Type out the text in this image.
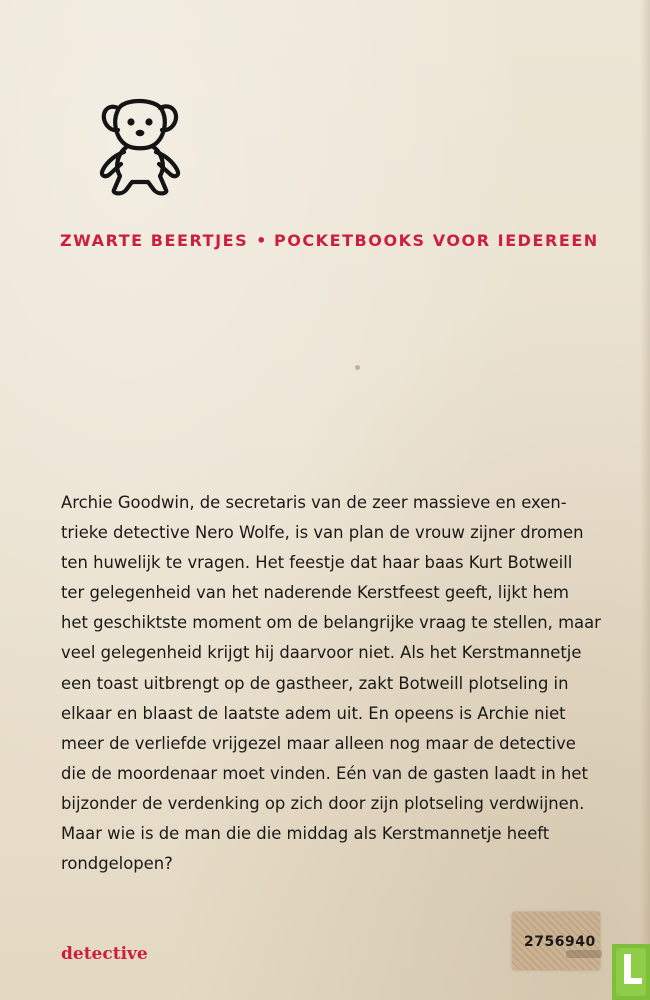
ZWARTE BEERTJES • POCKETBOOKS VOOR IEDEREEN

Archie Goodwin, de secretaris van de zeer massieve en exen-
trieke detective Nero Wolfe, is van plan de vrouw zijner dromen
ten huwelijk te vragen. Het feestje dat haar baas Kurt Botweill
ter gelegenheid van het naderende Kerstfeest geeft, lijkt hem
het geschiktste moment om de belangrijke vraag te stellen, maar
veel gelegenheid krijgt hij daarvoor niet. Als het Kerstmannetje
een toast uitbrengt op de gastheer, zakt Botweill plotseling in
elkaar en blaast de laatste adem uit. En opeens is Archie niet
meer de verliefde vrijgezel maar alleen nog maar de detective
die de moordenaar moet vinden. Eén van de gasten laadt in het
bijzonder de verdenking op zich door zijn plotseling verdwijnen.
Maar wie is de man die die middag als Kerstmannetje heeft
rondgelopen?

detective
2756940
